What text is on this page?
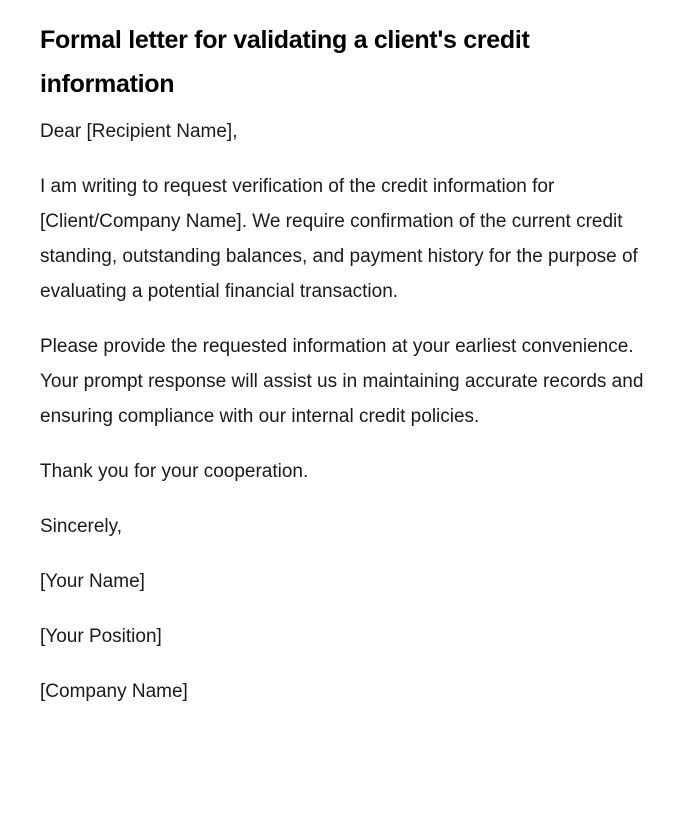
Formal letter for validating a client's credit information

Dear [Recipient Name],

I am writing to request verification of the credit information for [Client/Company Name]. We require confirmation of the current credit standing, outstanding balances, and payment history for the purpose of evaluating a potential financial transaction.

Please provide the requested information at your earliest convenience. Your prompt response will assist us in maintaining accurate records and ensuring compliance with our internal credit policies.

Thank you for your cooperation.

Sincerely,

[Your Name]

[Your Position]

[Company Name]
